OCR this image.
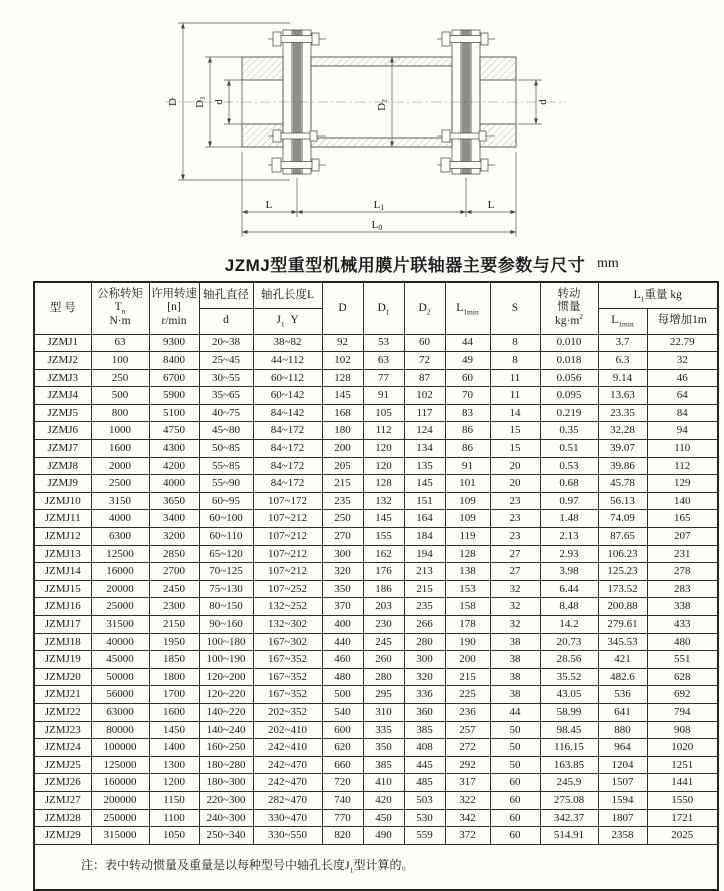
D D1
d
D2	d
L	L1	L
L0
JZMJ型重型机械用膜片联轴器主要参数与尺寸 mm
型 号	公称转矩
$T_n$
N·m	许用转速
[n]
r/min	轴孔直径	轴孔长度L	D	$D_1$	$D_2$	$L_{1min}$	S	转动
惯量
$kg\cdot m^2$	$L_1$重量 kg	
			d	$J_1$  Y							$L_{1min}$	每增加1m
JZMJ1	63	9300	20~38	38~82	92	53	60	44	8	0.010	3.7	22.79
JZMJ2	100	8400	25~45	44~112	102	63	72	49	8	0.018	6.3	32
JZMJ3	250	6700	30~55	60~112	128	77	87	60	11	0.056	9.14	46
JZMJ4	500	5900	35~65	60~142	145	91	102	70	11	0.095	13.63	64
JZMJ5	800	5100	40~75	84~142	168	105	117	83	14	0.219	23.35	84
JZMJ6	1000	4750	45~80	84~172	180	112	124	86	15	0.35	32.28	94
JZMJ7	1600	4300	50~85	84~172	200	120	134	86	15	0.51	39.07	110
JZMJ8	2000	4200	55~85	84~172	205	120	135	91	20	0.53	39.86	112
JZMJ9	2500	4000	55~90	84~172	215	128	145	101	20	0.68	45.78	129
JZMJ10	3150	3650	60~95	107~172	235	132	151	109	23	0.97	56.13	140
JZMJ11	4000	3400	60~100	107~212	250	145	164	109	23	1.48	74.09	165
JZMJ12	6300	3200	60~110	107~212	270	155	184	119	23	2.13	87.65	207
JZMJ13	12500	2850	65~120	107~212	300	162	194	128	27	2.93	106.23	231
JZMJ14	16000	2700	70~125	107~212	320	176	213	138	27	3.98	125.23	278
JZMJ15	20000	2450	75~130	107~252	350	186	215	153	32	6.44	173.52	283
JZMJ16	25000	2300	80~150	132~252	370	203	235	158	32	8.48	200.88	338
JZMJ17	31500	2150	90~160	132~302	400	230	266	178	32	14.2	279.61	433
JZMJ18	40000	1950	100~180	167~302	440	245	280	190	38	20.73	345.53	480
JZMJ19	45000	1850	100~190	167~352	460	260	300	200	38	28.56	421	551
JZMJ20	50000	1800	120~200	167~352	480	280	320	215	38	35.52	482.6	628
JZMJ21	56000	1700	120~220	167~352	500	295	336	225	38	43.05	536	692
JZMJ22	63000	1600	140~220	202~352	540	310	360	236	44	58.99	641	794
JZMJ23	80000	1450	140~240	202~410	600	335	385	257	50	98.45	880	908
JZMJ24	100000	1400	160~250	242~410	620	350	408	272	50	116.15	964	1020
JZMJ25	125000	1300	180~280	242~470	660	385	445	292	50	163.85	1204	1251
JZMJ26	160000	1200	180~300	242~470	720	410	485	317	60	245.9	1507	1441
JZMJ27	200000	1150	220~300	282~470	740	420	503	322	60	275.08	1594	1550
JZMJ28	250000	1100	240~300	330~470	770	450	530	342	60	342.37	1807	1721
JZMJ29	315000	1050	250~340	330~550	820	490	559	372	60	514.91	2358	2025
注：表中转动惯量及重量是以每种型号中轴孔长度$J_1$型计算的。												
